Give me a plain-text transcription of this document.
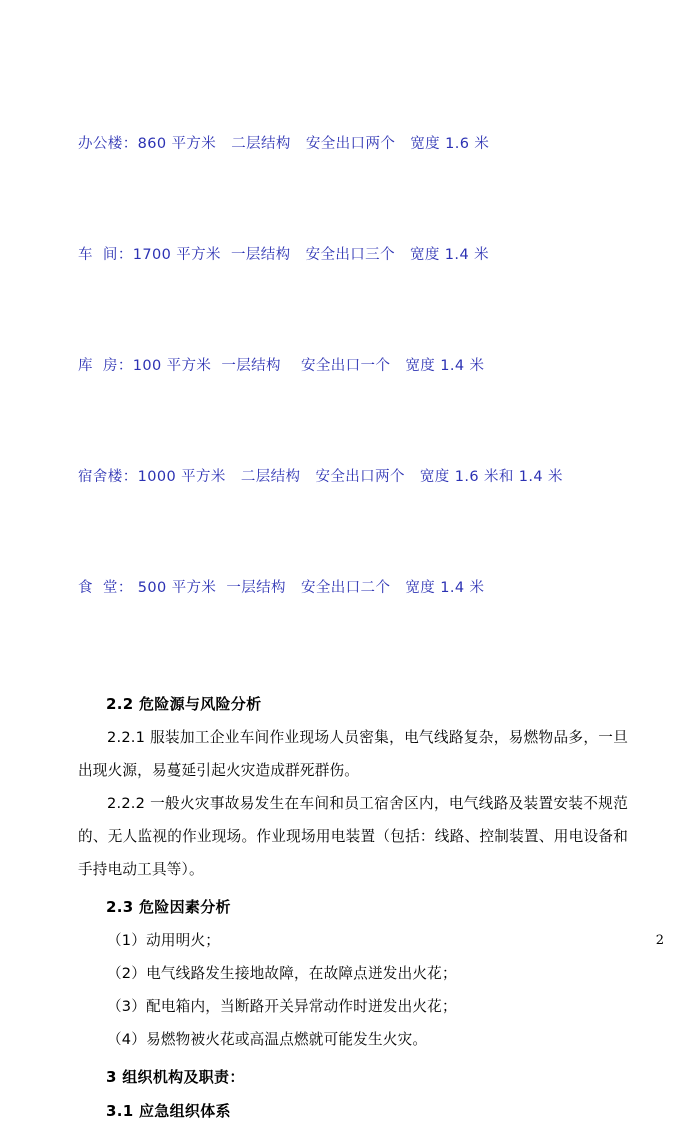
办公楼：860 平方米   二层结构   安全出口两个   宽度 1.6 米

车  间：1700 平方米  一层结构   安全出口三个   宽度 1.4 米

库  房：100 平方米  一层结构    安全出口一个   宽度 1.4 米

宿舍楼：1000 平方米   二层结构   安全出口两个   宽度 1.6 米和 1.4 米

食  堂： 500 平方米  一层结构   安全出口二个   宽度 1.4 米

2.2 危险源与风险分析

2.2.1 服装加工企业车间作业现场人员密集，电气线路复杂，易燃物品多，一旦出现火源，易蔓延引起火灾造成群死群伤。

2.2.2 一般火灾事故易发生在车间和员工宿舍区内，电气线路及装置安装不规范的、无人监视的作业现场。作业现场用电装置（包括：线路、控制装置、用电设备和手持电动工具等）。

2.3 危险因素分析

（1）动用明火；

（2）电气线路发生接地故障，在故障点迸发出火花；

（3）配电箱内，当断路开关异常动作时迸发出火花；

（4）易燃物被火花或高温点燃就可能发生火灾。

3 组织机构及职责：
3.1 应急组织体系
2
